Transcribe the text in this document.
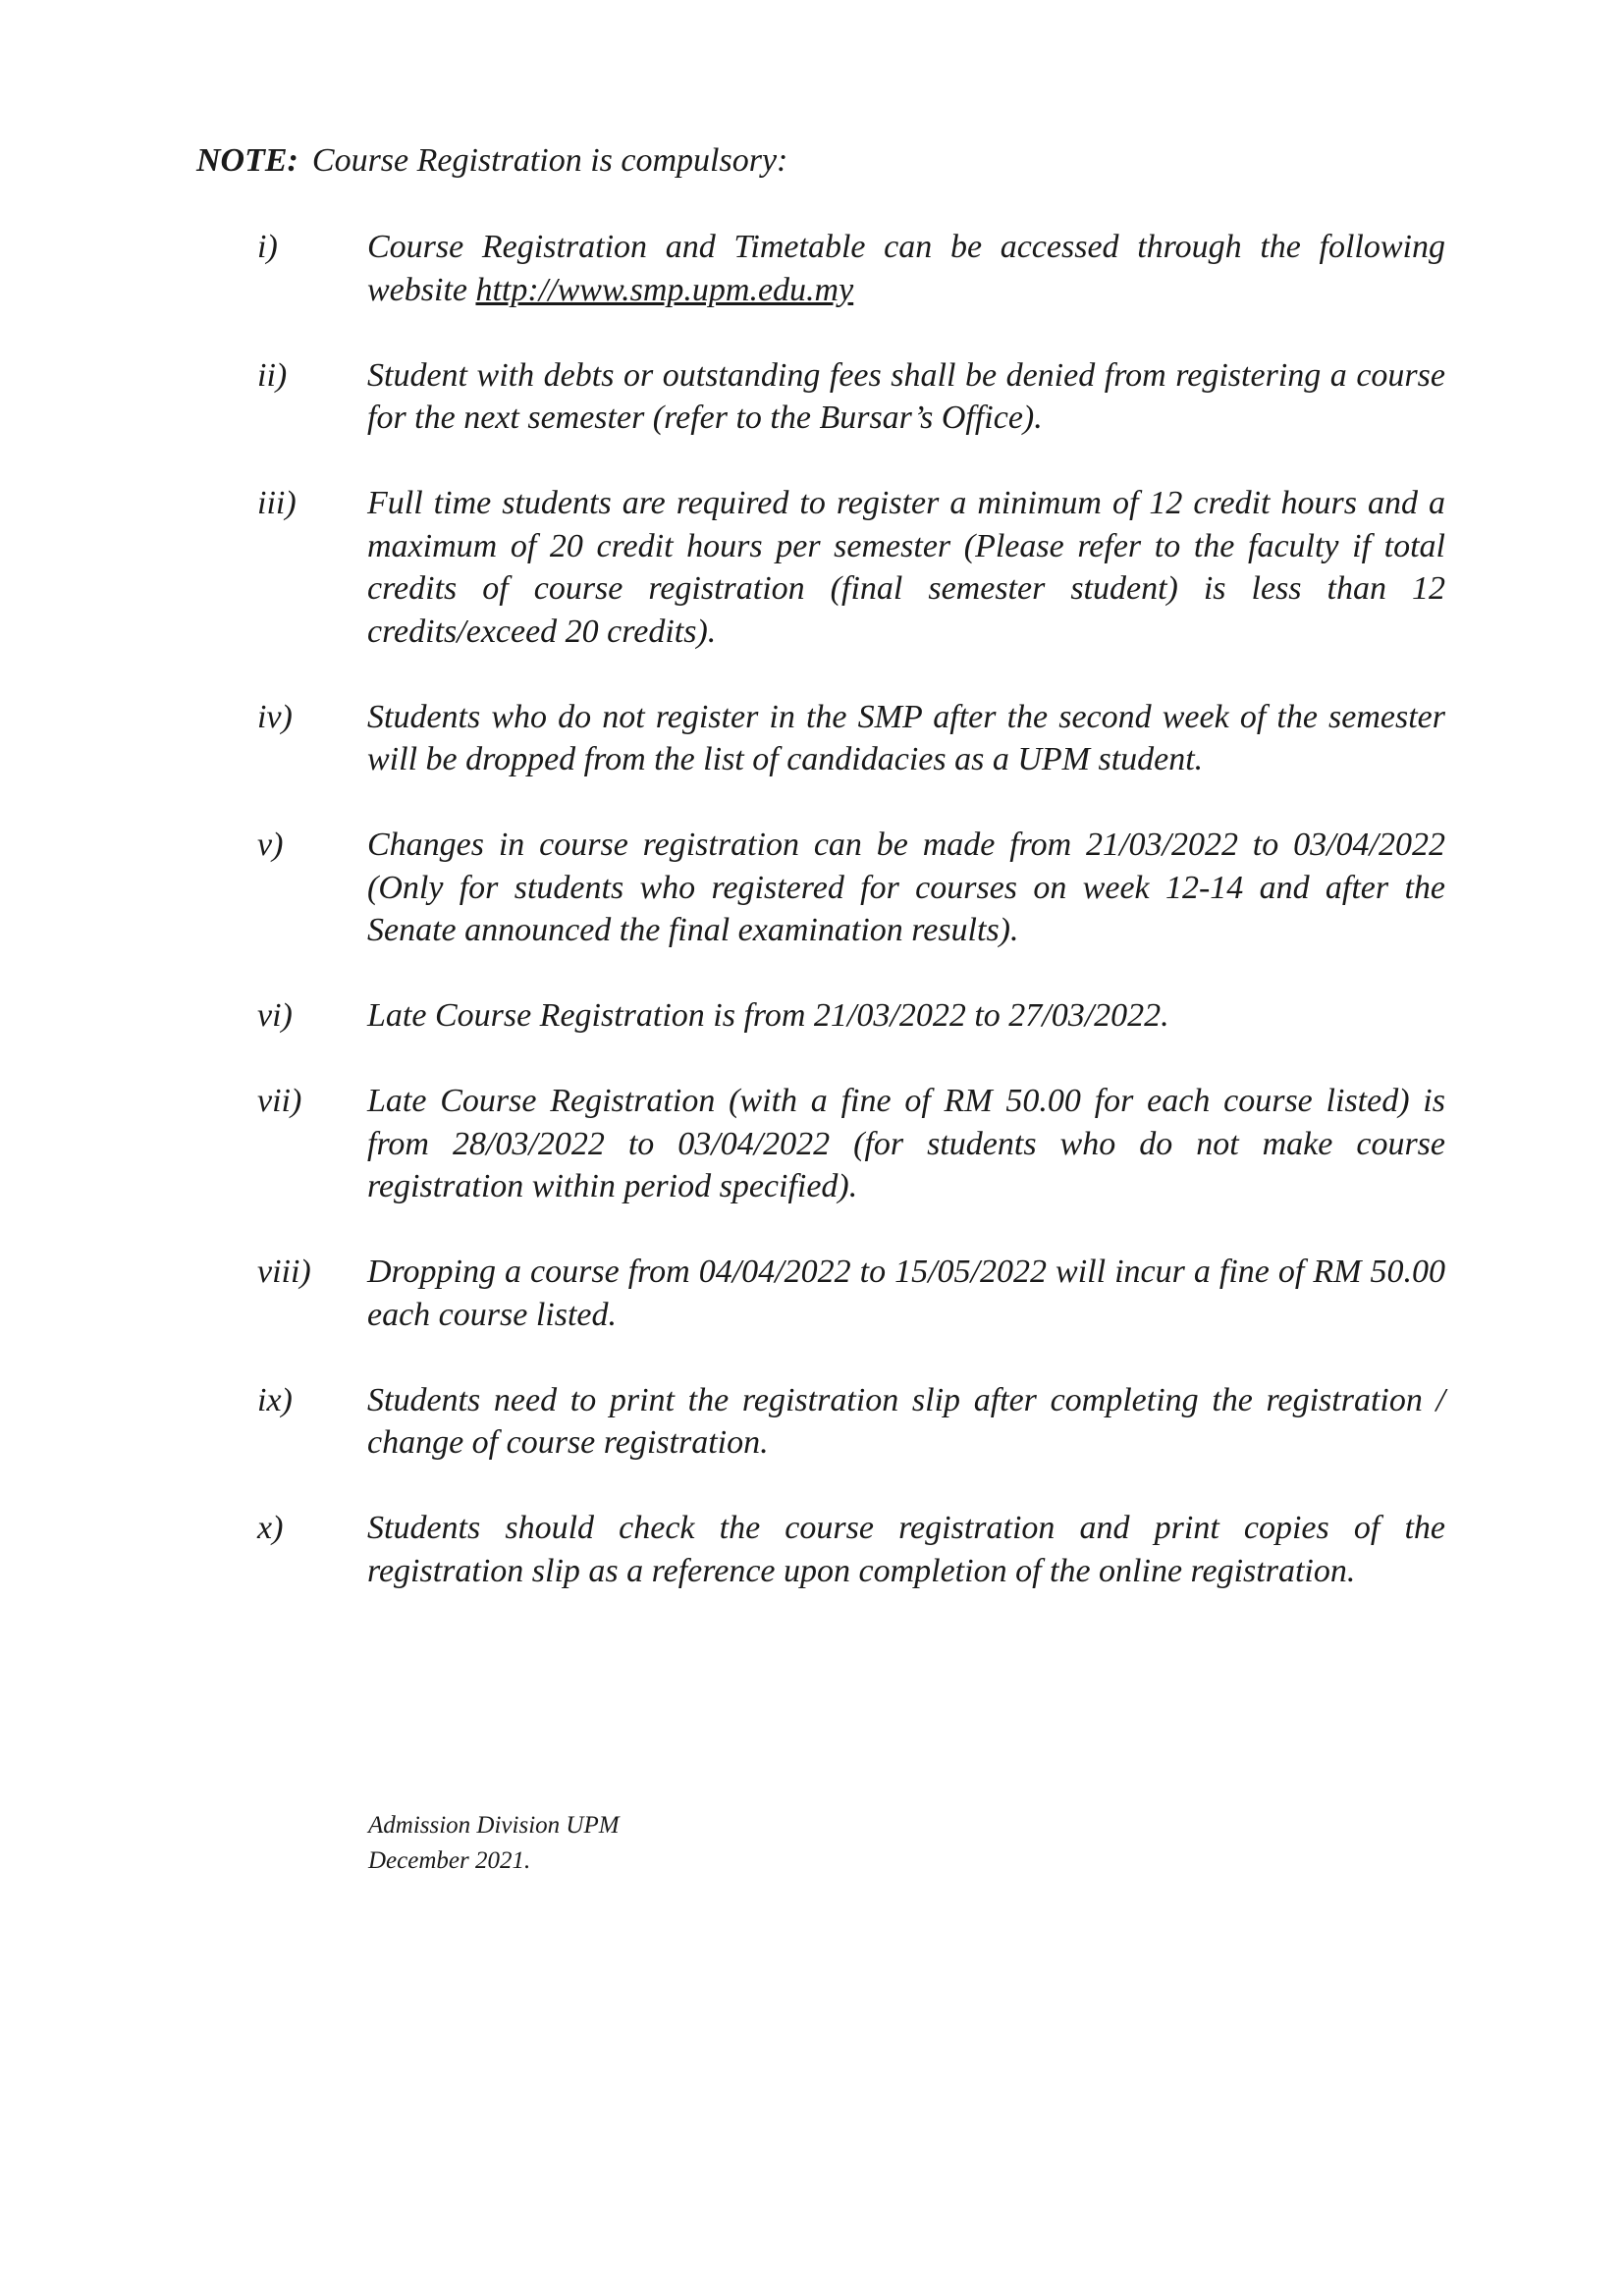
NOTE: Course Registration is compulsory:
i)	Course Registration and Timetable can be accessed through the following website http://www.smp.upm.edu.my
ii)	Student with debts or outstanding fees shall be denied from registering a course for the next semester (refer to the Bursar’s Office).
iii)	Full time students are required to register a minimum of 12 credit hours and a maximum of 20 credit hours per semester (Please refer to the faculty if total credits of course registration (final semester student) is less than 12 credits/exceed 20 credits).
iv)	Students who do not register in the SMP after the second week of the semester will be dropped from the list of candidacies as a UPM student.
v)	Changes in course registration can be made from 21/03/2022 to 03/04/2022 (Only for students who registered for courses on week 12-14 and after the Senate announced the final examination results).
vi)	Late Course Registration is from 21/03/2022 to 27/03/2022.
vii)	Late Course Registration (with a fine of RM 50.00 for each course listed) is from 28/03/2022 to 03/04/2022 (for students who do not make course registration within period specified).
viii)	Dropping a course from 04/04/2022 to 15/05/2022 will incur a fine of RM 50.00 each course listed.
ix)	Students need to print the registration slip after completing the registration / change of course registration.
x)	Students should check the course registration and print copies of the registration slip as a reference upon completion of the online registration.
Admission Division UPM
December 2021.
